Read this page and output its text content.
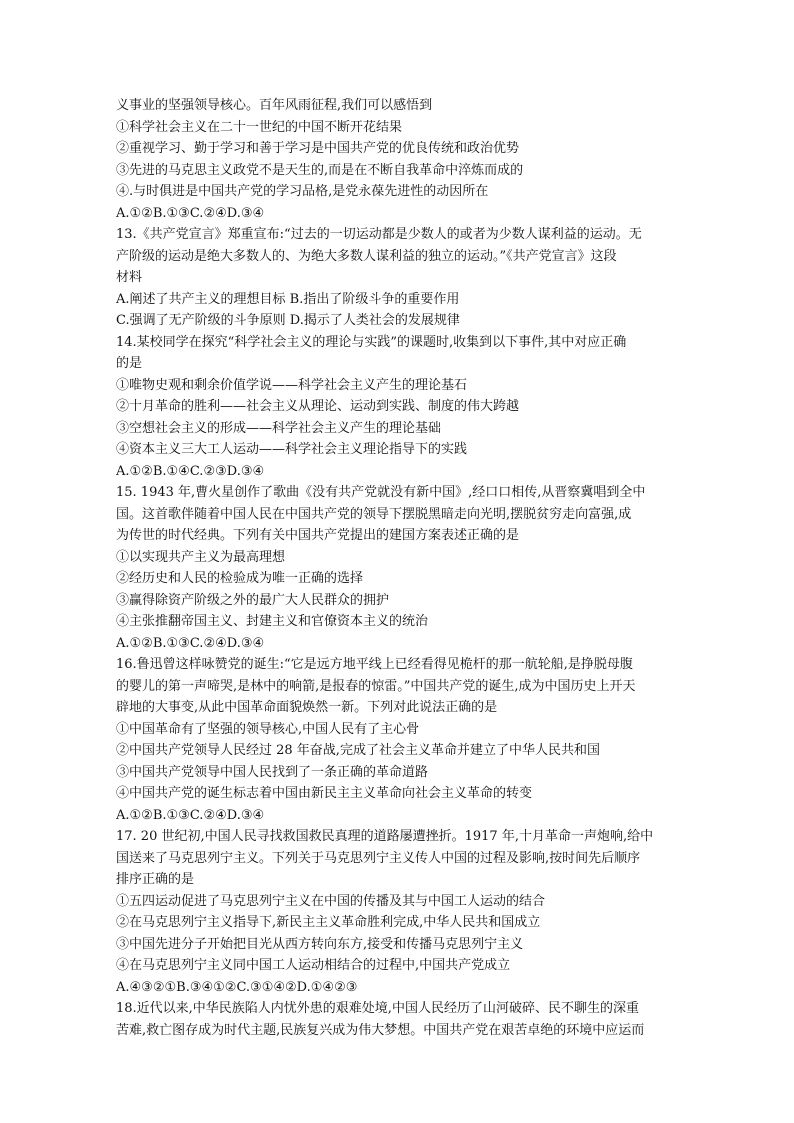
义事业的坚强领导核心。百年风雨征程,我们可以感悟到
①科学社会主义在二十一世纪的中国不断开花结果
②重视学习、勤于学习和善于学习是中国共产党的优良传统和政治优势
③先进的马克思主义政党不是天生的,而是在不断自我革命中淬炼而成的
④.与时俱进是中国共产党的学习品格,是党永葆先进性的动因所在
A.①②B.①③C.②④D.③④
13.《共产党宣言》郑重宣布:“过去的一切运动都是少数人的或者为少数人谋利益的运动。无
产阶级的运动是绝大多数人的、为绝大多数人谋利益的独立的运动。”《共产党宣言》这段
材料
A.阐述了共产主义的理想目标 B.指出了阶级斗争的重要作用
C.强调了无产阶级的斗争原则 D.揭示了人类社会的发展规律
14.某校同学在探究“科学社会主义的理论与实践”的课题时,收集到以下事件,其中对应正确
的是
①唯物史观和剩余价值学说——科学社会主义产生的理论基石
②十月革命的胜利——社会主义从理论、运动到实践、制度的伟大跨越
③空想社会主义的形成——科学社会主义产生的理论基础
④资本主义三大工人运动——科学社会主义理论指导下的实践
A.①②B.①④C.②③D.③④
15. 1943 年,曹火星创作了歌曲《没有共产党就没有新中国》,经口口相传,从晋察冀唱到全中
国。这首歌伴随着中国人民在中国共产党的领导下摆脱黑暗走向光明,摆脱贫穷走向富强,成
为传世的时代经典。下列有关中国共产党提出的建国方案表述正确的是
①以实现共产主义为最高理想
②经历史和人民的检验成为唯一正确的选择
③赢得除资产阶级之外的最广大人民群众的拥护
④主张推翻帝国主义、封建主义和官僚资本主义的统治
A.①②B.①③C.②④D.③④
16.鲁迅曾这样咏赞党的诞生:“它是远方地平线上已经看得见桅杆的那一航轮船,是挣脱母腹
的婴儿的第一声啼哭,是林中的响箭,是报春的惊雷。”中国共产党的诞生,成为中国历史上开天
辟地的大事变,从此中国革命面貌焕然一新。下列对此说法正确的是
①中国革命有了坚强的领导核心,中国人民有了主心骨
②中国共产党领导人民经过 28 年奋战,完成了社会主义革命并建立了中华人民共和国
③中国共产党领导中国人民找到了一条正确的革命道路
④中国共产党的诞生标志着中国由新民主主义革命向社会主义革命的转变
A.①②B.①③C.②④D.③④
17. 20 世纪初,中国人民寻找救国救民真理的道路屡遭挫折。1917 年,十月革命一声炮响,给中
国送来了马克思列宁主义。下列关于马克思列宁主义传人中国的过程及影响,按时间先后顺序
排序正确的是
①五四运动促进了马克思列宁主义在中国的传播及其与中国工人运动的结合
②在马克思列宁主义指导下,新民主主义革命胜利完成,中华人民共和国成立
③中国先进分子开始把目光从西方转向东方,接受和传播马克思列宁主义
④在马克思列宁主义同中国工人运动相结合的过程中,中国共产党成立
A.④③②①B.③④①②C.③①④②D.①④②③
18.近代以来,中华民族陷人内忧外患的艰难处境,中国人民经历了山河破碎、民不聊生的深重
苦难,救亡图存成为时代主题,民族复兴成为伟大梦想。中国共产党在艰苦卓绝的环境中应运而
